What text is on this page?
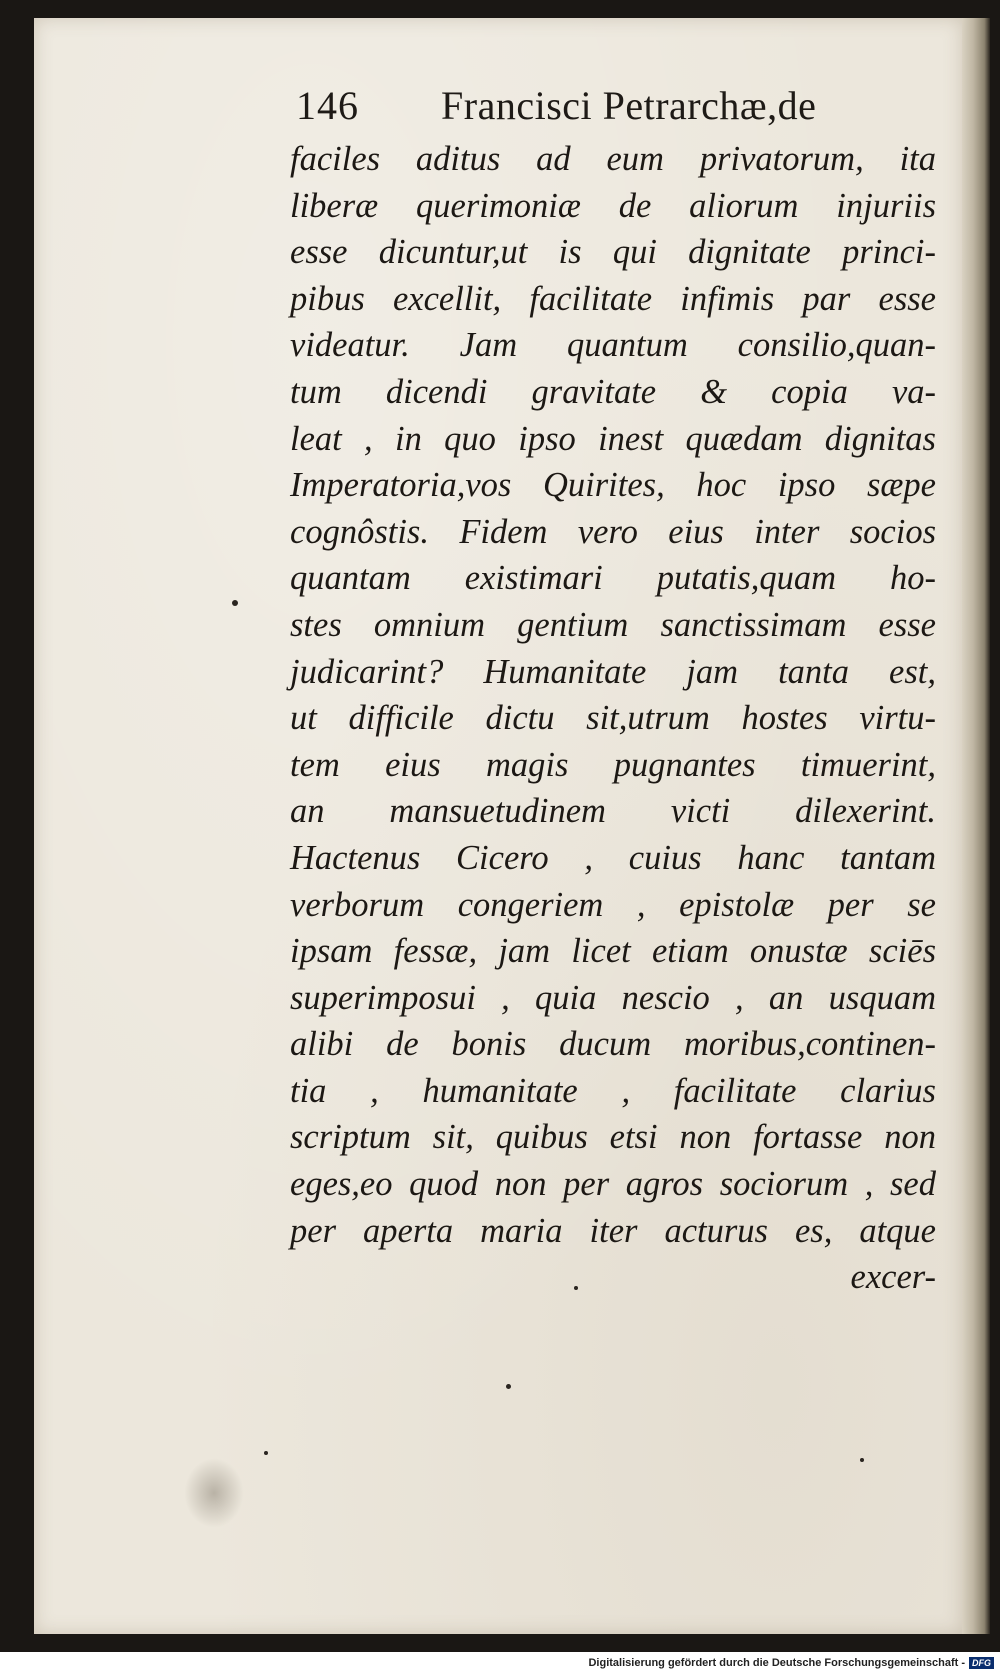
146 Francisci Petrarchæ,de
faciles aditus ad eum privatorum, ita
liberæ querimoniæ de aliorum injuriis
esse dicuntur,ut is qui dignitate princi-
pibus excellit, facilitate infimis par esse
videatur. Jam quantum consilio,quan-
tum dicendi gravitate & copia va-
leat , in quo ipso inest quædam dignitas
Imperatoria,vos Quirites, hoc ipso sæpe
cognôstis. Fidem vero eius inter socios
quantam existimari putatis,quam ho-
stes omnium gentium sanctissimam esse
judicarint? Humanitate jam tanta est,
ut difficile dictu sit,utrum hostes virtu-
tem eius magis pugnantes timuerint,
an mansuetudinem victi dilexerint.
Hactenus Cicero , cuius hanc tantam
verborum congeriem , epistolæ per se
ipsam fessæ, jam licet etiam onustæ sciēs
superimposui , quia nescio , an usquam
alibi de bonis ducum moribus,continen-
tia , humanitate , facilitate clarius
scriptum sit, quibus etsi non fortasse non
eges,eo quod non per agros sociorum , sed
per aperta maria iter acturus es, atque
excer-
Digitalisierung gefördert durch die Deutsche Forschungsgemeinschaft - DFG
